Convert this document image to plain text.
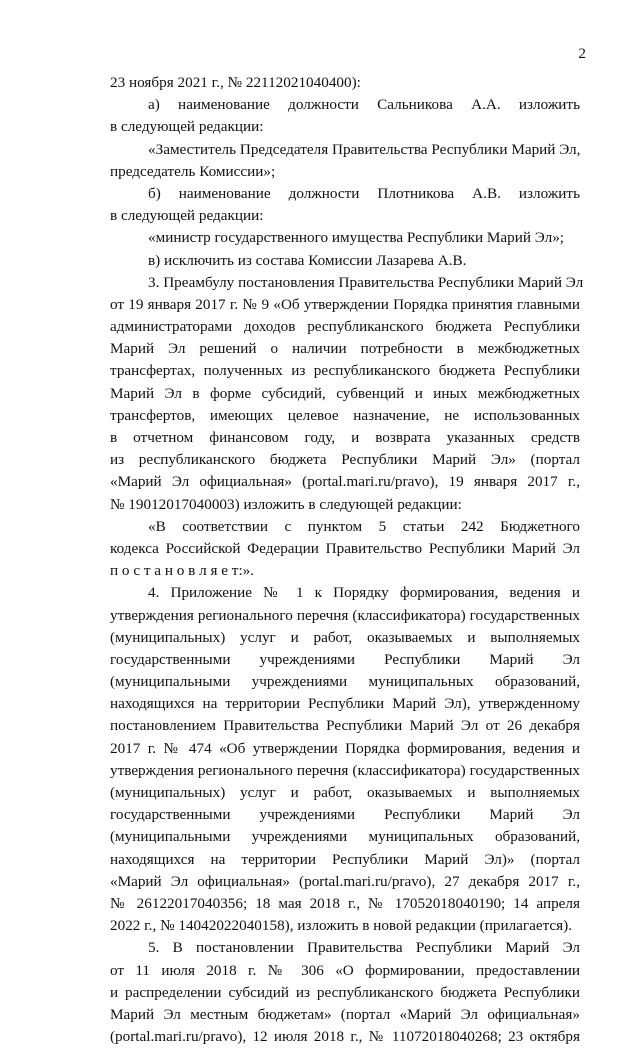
2
23 ноября 2021 г., № 22112021040400):
а) наименование должности Сальникова А.А. изложить
в следующей редакции:
«Заместитель Председателя Правительства Республики Марий Эл,
председатель Комиссии»;
б) наименование должности Плотникова А.В. изложить
в следующей редакции:
«министр государственного имущества Республики Марий Эл»;
в) исключить из состава Комиссии Лазарева А.В.
3. Преамбулу постановления Правительства Республики Марий Эл
от 19 января 2017 г. № 9 «Об утверждении Порядка принятия главными
администраторами доходов республиканского бюджета Республики
Марий Эл решений о наличии потребности в межбюджетных
трансфертах, полученных из республиканского бюджета Республики
Марий Эл в форме субсидий, субвенций и иных межбюджетных
трансфертов, имеющих целевое назначение, не использованных
в отчетном финансовом году, и возврата указанных средств
из республиканского бюджета Республики Марий Эл» (портал
«Марий Эл официальная» (portal.mari.ru/pravo), 19 января 2017 г.,
№ 19012017040003) изложить в следующей редакции:
«В соответствии с пунктом 5 статьи 242 Бюджетного
кодекса Российской Федерации Правительство Республики Марий Эл
п о с т а н о в л я е т:».
4. Приложение № 1 к Порядку формирования, ведения и
утверждения регионального перечня (классификатора) государственных
(муниципальных) услуг и работ, оказываемых и выполняемых
государственными учреждениями Республики Марий Эл
(муниципальными учреждениями муниципальных образований,
находящихся на территории Республики Марий Эл), утвержденному
постановлением Правительства Республики Марий Эл от 26 декабря
2017 г. № 474 «Об утверждении Порядка формирования, ведения и
утверждения регионального перечня (классификатора) государственных
(муниципальных) услуг и работ, оказываемых и выполняемых
государственными учреждениями Республики Марий Эл
(муниципальными учреждениями муниципальных образований,
находящихся на территории Республики Марий Эл)» (портал
«Марий Эл официальная» (portal.mari.ru/pravo), 27 декабря 2017 г.,
№ 26122017040356; 18 мая 2018 г., № 17052018040190; 14 апреля
2022 г., № 14042022040158), изложить в новой редакции (прилагается).
5. В постановлении Правительства Республики Марий Эл
от 11 июля 2018 г. № 306 «О формировании, предоставлении
и распределении субсидий из республиканского бюджета Республики
Марий Эл местным бюджетам» (портал «Марий Эл официальная»
(portal.mari.ru/pravo), 12 июля 2018 г., № 11072018040268; 23 октября
